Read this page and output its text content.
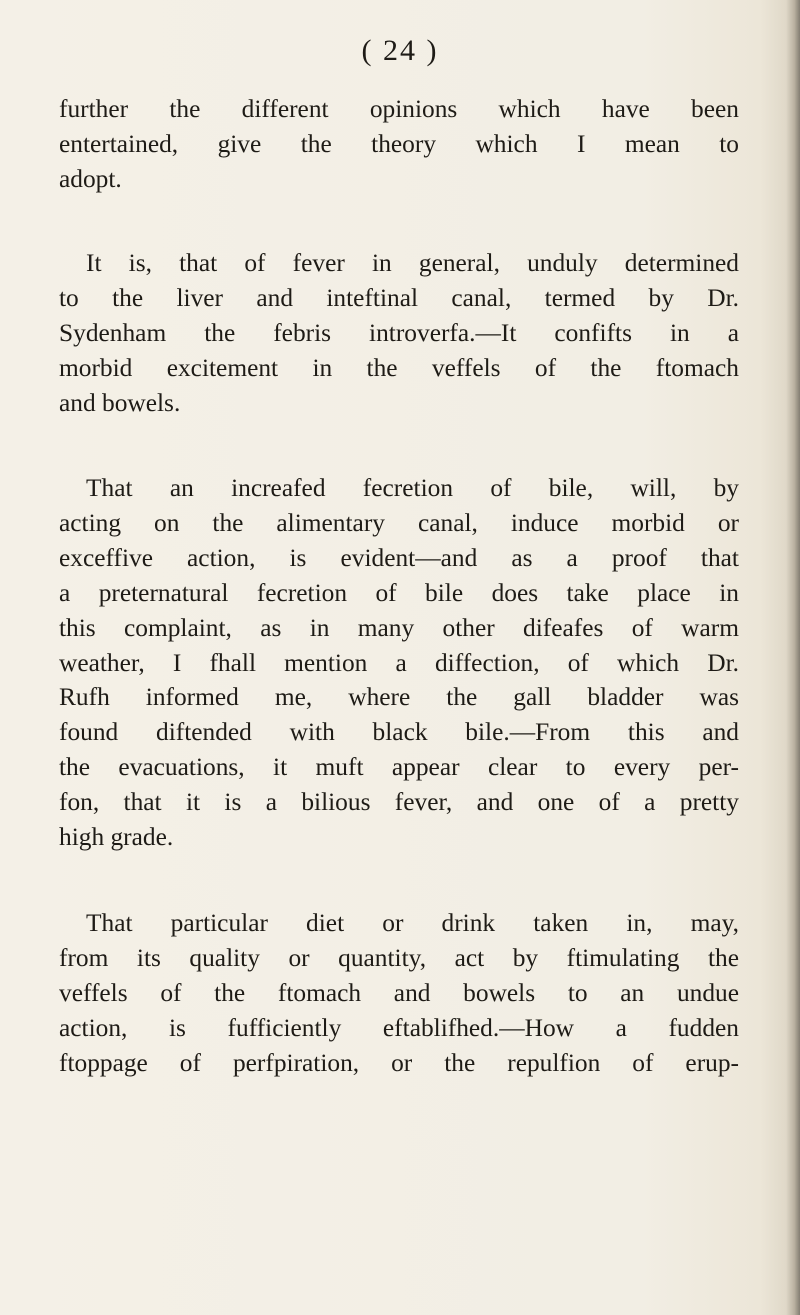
( 24 )
further the different opinions which have been
entertained, give the theory which I mean to
adopt.
It is, that of fever in general, unduly determined
to the liver and inteftinal canal, termed by Dr.
Sydenham the febris introverfa.—It confifts in a
morbid excitement in the veffels of the ftomach
and bowels.
That an increafed fecretion of bile, will, by
acting on the alimentary canal, induce morbid or
exceffive action, is evident—and as a proof that
a preternatural fecretion of bile does take place in
this complaint, as in many other difeafes of warm
weather, I fhall mention a diffection, of which Dr.
Rufh informed me, where the gall bladder was
found diftended with black bile.—From this and
the evacuations, it muft appear clear to every per-
fon, that it is a bilious fever, and one of a pretty
high grade.
That particular diet or drink taken in, may,
from its quality or quantity, act by ftimulating the
veffels of the ftomach and bowels to an undue
action, is fufficiently eftablifhed.—How a fudden
ftoppage of perfpiration, or the repulfion of erup-
